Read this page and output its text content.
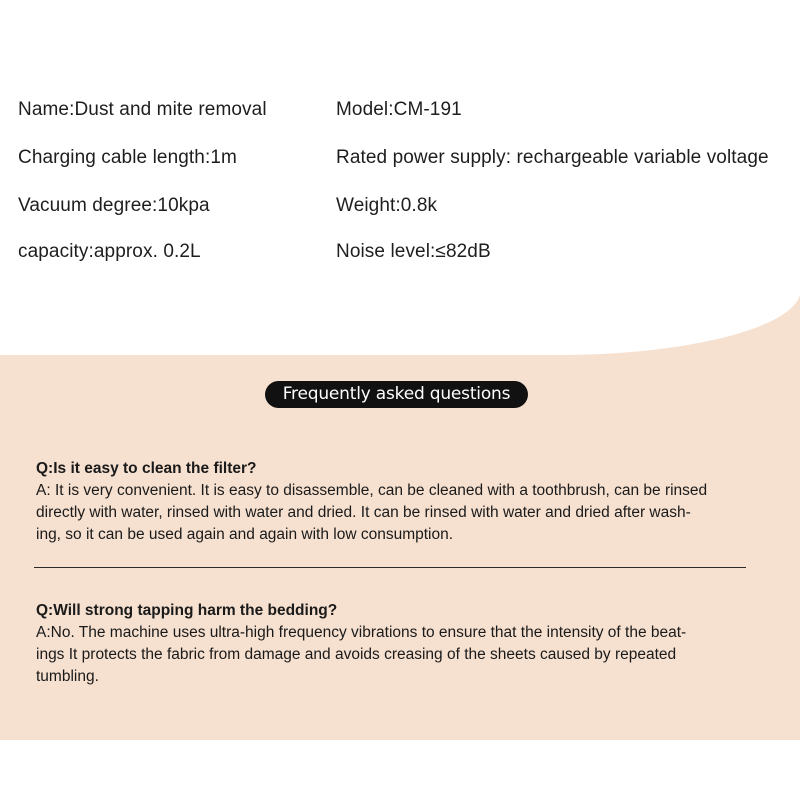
Name:Dust and mite removal	Model:CM-191
Charging cable length:1m	Rated power supply: rechargeable variable voltage
Vacuum degree:10kpa	Weight:0.8k
capacity:approx. 0.2L	Noise level:≤82dB
Frequently asked questions
Q:Is it easy to clean the filter?
A: It is very convenient. It is easy to disassemble, can be cleaned with a toothbrush, can be rinsed
directly with water, rinsed with water and dried. It can be rinsed with water and dried after wash-
ing, so it can be used again and again with low consumption.
Q:Will strong tapping harm the bedding?
A:No. The machine uses ultra-high frequency vibrations to ensure that the intensity of the beat-
ings It protects the fabric from damage and avoids creasing of the sheets caused by repeated
tumbling.
